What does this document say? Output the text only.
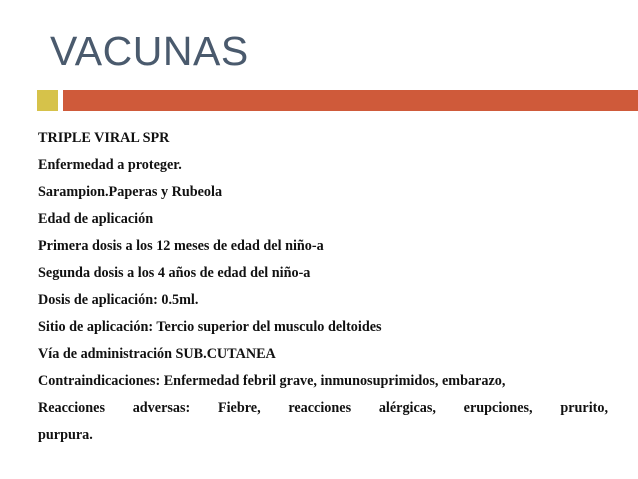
VACUNAS
TRIPLE VIRAL SPR
Enfermedad a proteger.
Sarampion.Paperas y Rubeola
Edad de aplicación
Primera dosis a los 12 meses de edad del niño-a
Segunda dosis a los 4 años de edad del niño-a
Dosis de aplicación: 0.5ml.
Sitio de aplicación: Tercio superior del musculo deltoides
Vía de administración SUB.CUTANEA
Contraindicaciones: Enfermedad febril grave, inmunosuprimidos, embarazo,
Reacciones adversas: Fiebre, reacciones alérgicas, erupciones, prurito,
purpura.
